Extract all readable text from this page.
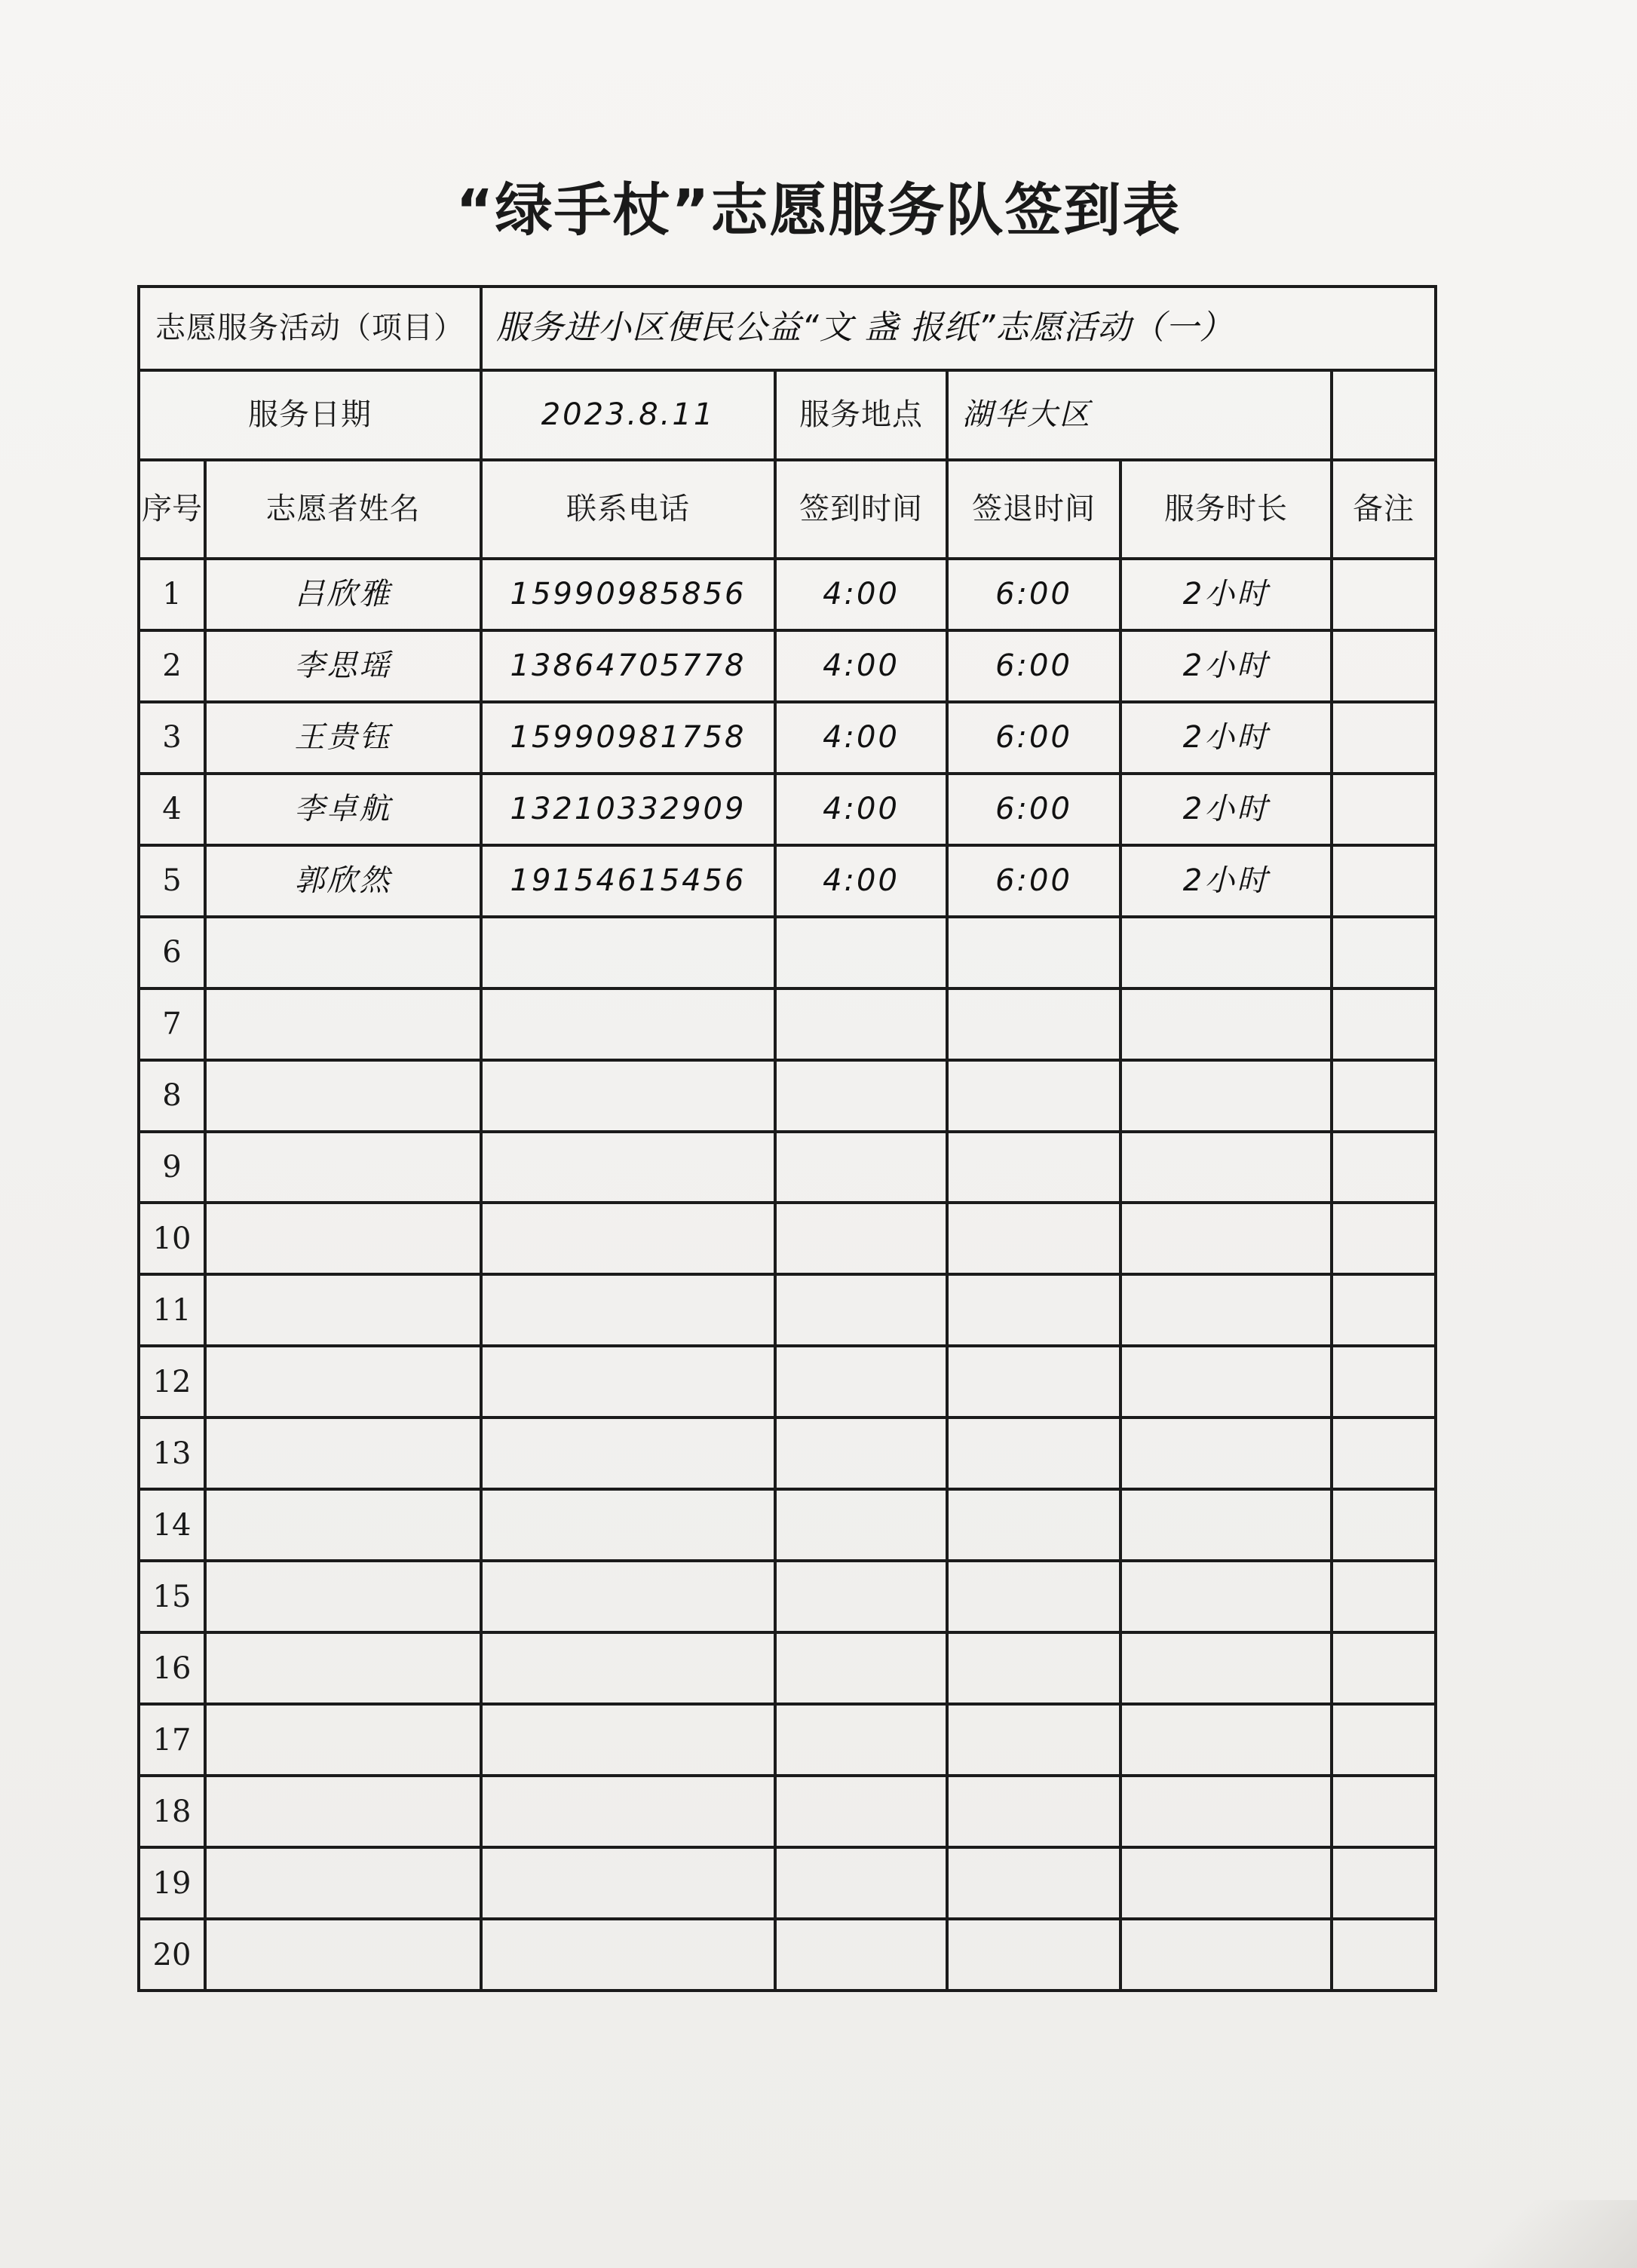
“绿手杖”志愿服务队签到表
志愿服务活动（项目）		服务进小区便民公益“文 盏 报纸”志愿活动（一）				
服务日期		2023.8.11	服务地点	湖华大区		
序号	志愿者姓名	联系电话	签到时间	签退时间	服务时长	备注
1	吕欣雅	15990985856	4:00	6:00	2小时	
2	李思瑶	13864705778	4:00	6:00	2小时	
3	王贵钰	15990981758	4:00	6:00	2小时	
4	李卓航	13210332909	4:00	6:00	2小时	
5	郭欣然	19154615456	4:00	6:00	2小时	
6						
7						
8						
9						
10						
11						
12						
13						
14						
15						
16						
17						
18						
19						
20						
